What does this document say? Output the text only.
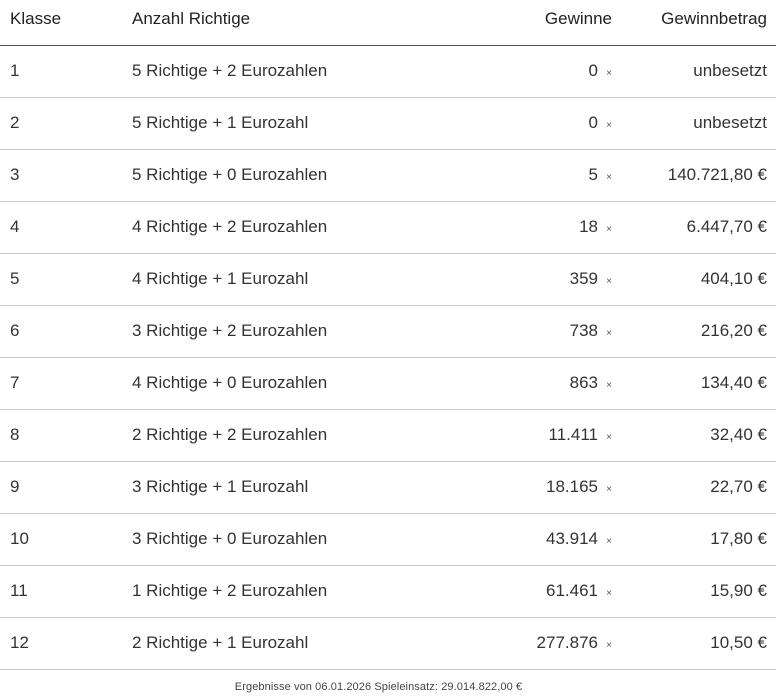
Klasse	Anzahl Richtige	Gewinne	Gewinnbetrag
1	5 Richtige + 2 Eurozahlen	0 ×	unbesetzt
2	5 Richtige + 1 Eurozahl	0 ×	unbesetzt
3	5 Richtige + 0 Eurozahlen	5 ×	140.721,80 €
4	4 Richtige + 2 Eurozahlen	18 ×	6.447,70 €
5	4 Richtige + 1 Eurozahl	359 ×	404,10 €
6	3 Richtige + 2 Eurozahlen	738 ×	216,20 €
7	4 Richtige + 0 Eurozahlen	863 ×	134,40 €
8	2 Richtige + 2 Eurozahlen	11.411 ×	32,40 €
9	3 Richtige + 1 Eurozahl	18.165 ×	22,70 €
10	3 Richtige + 0 Eurozahlen	43.914 ×	17,80 €
11	1 Richtige + 2 Eurozahlen	61.461 ×	15,90 €
12	2 Richtige + 1 Eurozahl	277.876 ×	10,50 €
Ergebnisse von 06.01.2026 Spieleinsatz: 29.014.822,00 €
